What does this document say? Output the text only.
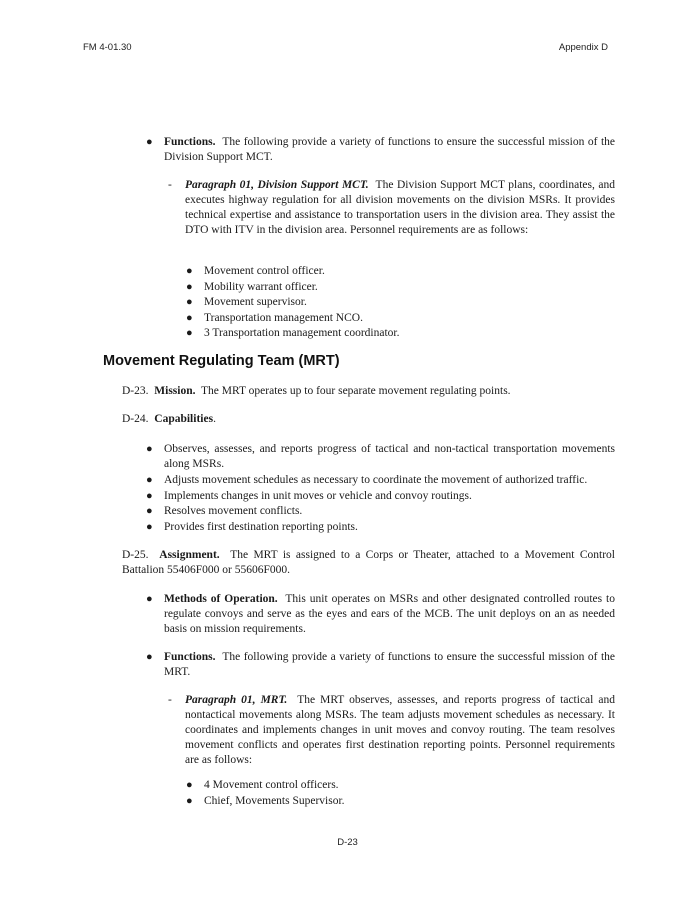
FM 4-01.30	Appendix D
● Functions. The following provide a variety of functions to ensure the successful mission of the Division Support MCT.
- Paragraph 01, Division Support MCT. The Division Support MCT plans, coordinates, and executes highway regulation for all division movements on the division MSRs. It provides technical expertise and assistance to transportation users in the division area. They assist the DTO with ITV in the division area. Personnel requirements are as follows:
● Movement control officer.
● Mobility warrant officer.
● Movement supervisor.
● Transportation management NCO.
● 3 Transportation management coordinator.
Movement Regulating Team (MRT)
D-23. Mission. The MRT operates up to four separate movement regulating points.
D-24. Capabilities.
● Observes, assesses, and reports progress of tactical and non-tactical transportation movements along MSRs.
● Adjusts movement schedules as necessary to coordinate the movement of authorized traffic.
● Implements changes in unit moves or vehicle and convoy routings.
● Resolves movement conflicts.
● Provides first destination reporting points.
D-25. Assignment. The MRT is assigned to a Corps or Theater, attached to a Movement Control Battalion 55406F000 or 55606F000.
● Methods of Operation. This unit operates on MSRs and other designated controlled routes to regulate convoys and serve as the eyes and ears of the MCB. The unit deploys on an as needed basis on mission requirements.
● Functions. The following provide a variety of functions to ensure the successful mission of the MRT.
- Paragraph 01, MRT. The MRT observes, assesses, and reports progress of tactical and nontactical movements along MSRs. The team adjusts movement schedules as necessary. It coordinates and implements changes in unit moves and convoy routing. The team resolves movement conflicts and operates first destination reporting points. Personnel requirements are as follows:
● 4 Movement control officers.
● Chief, Movements Supervisor.
D-23
